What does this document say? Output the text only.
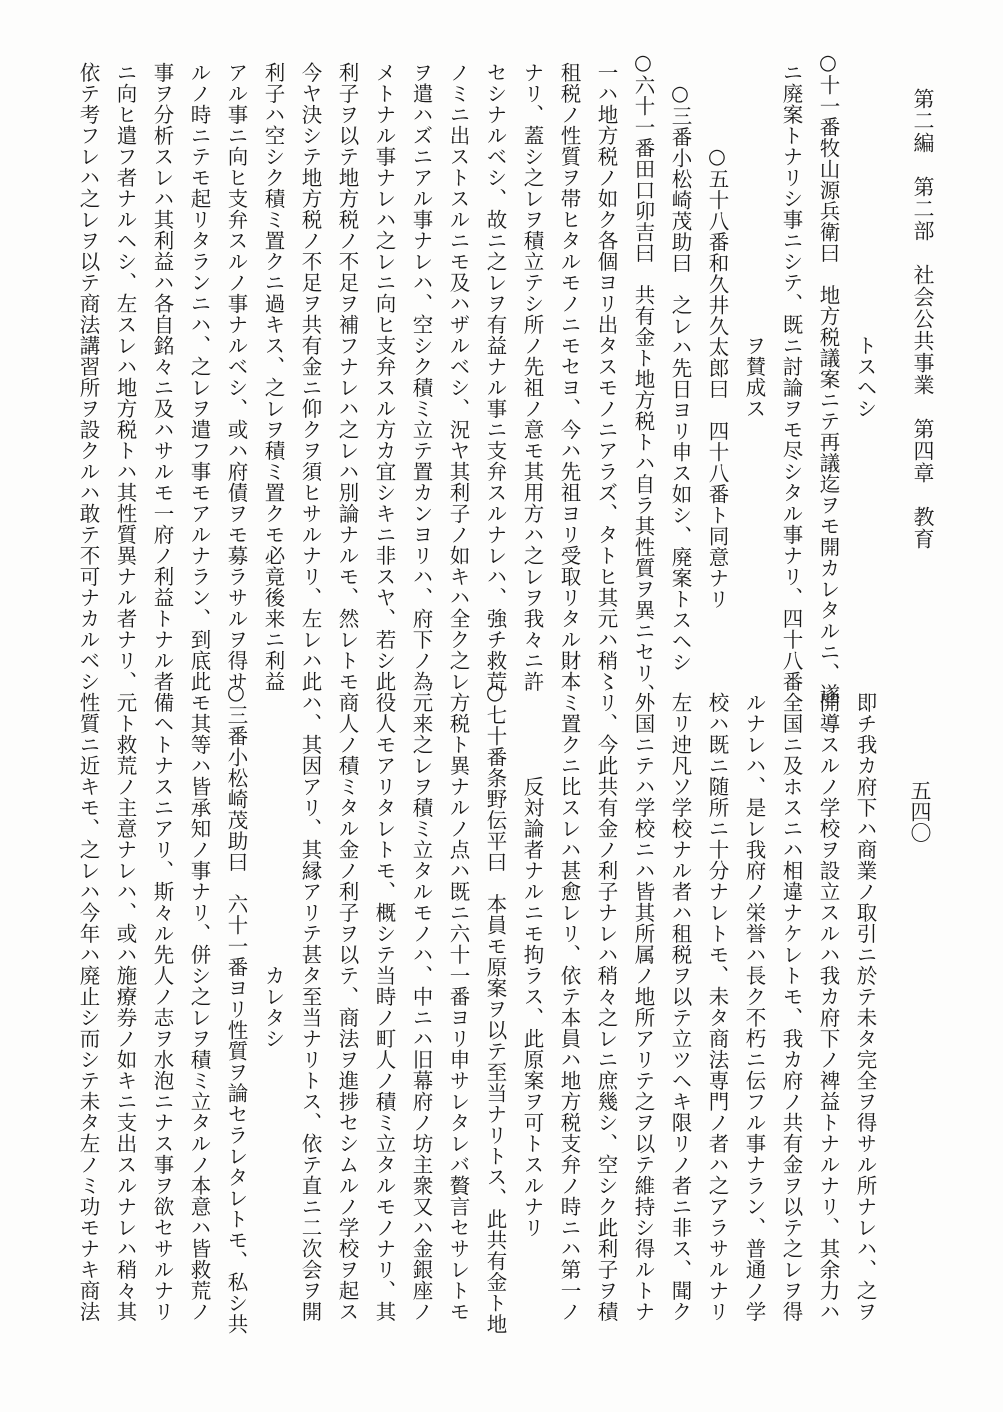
第二編　第二部　社会公共事業　第四章　教育
五四〇
トスヘシ
○十一番牧山源兵衛曰　地方税議案ニテ再議迄ヲモ開カレタルニ、遂
ニ廃案トナリシ事ニシテ、既ニ討論ヲモ尽シタル事ナリ、四十八番
ヲ賛成ス
○五十八番和久井久太郎曰　四十八番ト同意ナリ
○三番小松崎茂助曰　之レハ先日ヨリ申ス如シ、廃案トスヘシ
○六十一番田口卯吉曰　共有金ト地方税トハ自ラ其性質ヲ異ニセリ、
一ハ地方税ノ如ク各個ヨリ出タスモノニアラズ、タトヒ其元ハ稍〻
租税ノ性質ヲ帯ヒタルモノニモセヨ、今ハ先祖ヨリ受取リタル財本
ナリ、蓋シ之レヲ積立テシ所ノ先祖ノ意モ其用方ハ之レヲ我々ニ許
セシナルベシ、故ニ之レヲ有益ナル事ニ支弁スルナレハ、強チ救荒
ノミニ出ストスルニモ及ハザルベシ、況ヤ其利子ノ如キハ全ク之レ
ヲ遣ハズニアル事ナレハ、空シク積ミ立テ置カンヨリハ、府下ノ為
メトナル事ナレハ之レニ向ヒ支弁スル方カ宜シキニ非スヤ、若シ此
利子ヲ以テ地方税ノ不足ヲ補フナレハ之レハ別論ナルモ、然レトモ
今ヤ決シテ地方税ノ不足ヲ共有金ニ仰クヲ須ヒサルナリ、左レハ此
利子ハ空シク積ミ置クニ過キス、之レヲ積ミ置クモ必竟後来ニ利益
アル事ニ向ヒ支弁スルノ事ナルベシ、或ハ府債ヲモ募ラサルヲ得サ
ルノ時ニテモ起リタランニハ、之レヲ遣フ事モアルナラン、到底此
事ヲ分析スレハ其利益ハ各自銘々ニ及ハサルモ一府ノ利益トナル者
ニ向ヒ遣フ者ナルヘシ、左スレハ地方税トハ其性質異ナル者ナリ、
依テ考フレハ之レヲ以テ商法講習所ヲ設クルハ敢テ不可ナカルベシ
即チ我カ府下ハ商業ノ取引ニ於テ未タ完全ヲ得サル所ナレハ、之ヲ
開導スルノ学校ヲ設立スルハ我カ府下ノ裨益トナルナリ、其余力ハ
全国ニ及ホスニハ相違ナケレトモ、我カ府ノ共有金ヲ以テ之レヲ得
ルナレハ、是レ我府ノ栄誉ハ長ク不朽ニ伝フル事ナラン、普通ノ学
校ハ既ニ随所ニ十分ナレトモ、未タ商法専門ノ者ハ之アラサルナリ
左リ迚凡ソ学校ナル者ハ租税ヲ以テ立ツヘキ限リノ者ニ非ス、聞ク
外国ニテハ学校ニハ皆其所属ノ地所アリテ之ヲ以テ維持シ得ルトナ
リ、今此共有金ノ利子ナレハ稍々之レニ庶幾シ、空シク此利子ヲ積
ミ置クニ比スレハ甚愈レリ、依テ本員ハ地方税支弁ノ時ニハ第一ノ
反対論者ナルニモ拘ラス、此原案ヲ可トスルナリ
○七十番条野伝平曰　本員モ原案ヲ以テ至当ナリトス、此共有金ト地
方税ト異ナルノ点ハ既ニ六十一番ヨリ申サレタレバ贅言セサレトモ
元来之レヲ積ミ立タルモノハ、中ニハ旧幕府ノ坊主衆又ハ金銀座ノ
役人モアリタレトモ、概シテ当時ノ町人ノ積ミ立タルモノナリ、其
商人ノ積ミタル金ノ利子ヲ以テ、商法ヲ進捗セシムルノ学校ヲ起ス
ハ、其因アリ、其縁アリテ甚タ至当ナリトス、依テ直ニ二次会ヲ開
カレタシ
○三番小松崎茂助曰　六十一番ヨリ性質ヲ論セラレタレトモ、私シ共
モ其等ハ皆承知ノ事ナリ、併シ之レヲ積ミ立タルノ本意ハ皆救荒ノ
備ヘトナスニアリ、斯々ル先人ノ志ヲ水泡ニナス事ヲ欲セサルナリ
元ト救荒ノ主意ナレハ、或ハ施療券ノ如キニ支出スルナレハ稍々其
性質ニ近キモ、之レハ今年ハ廃止シ而シテ未タ左ノミ功モナキ商法
